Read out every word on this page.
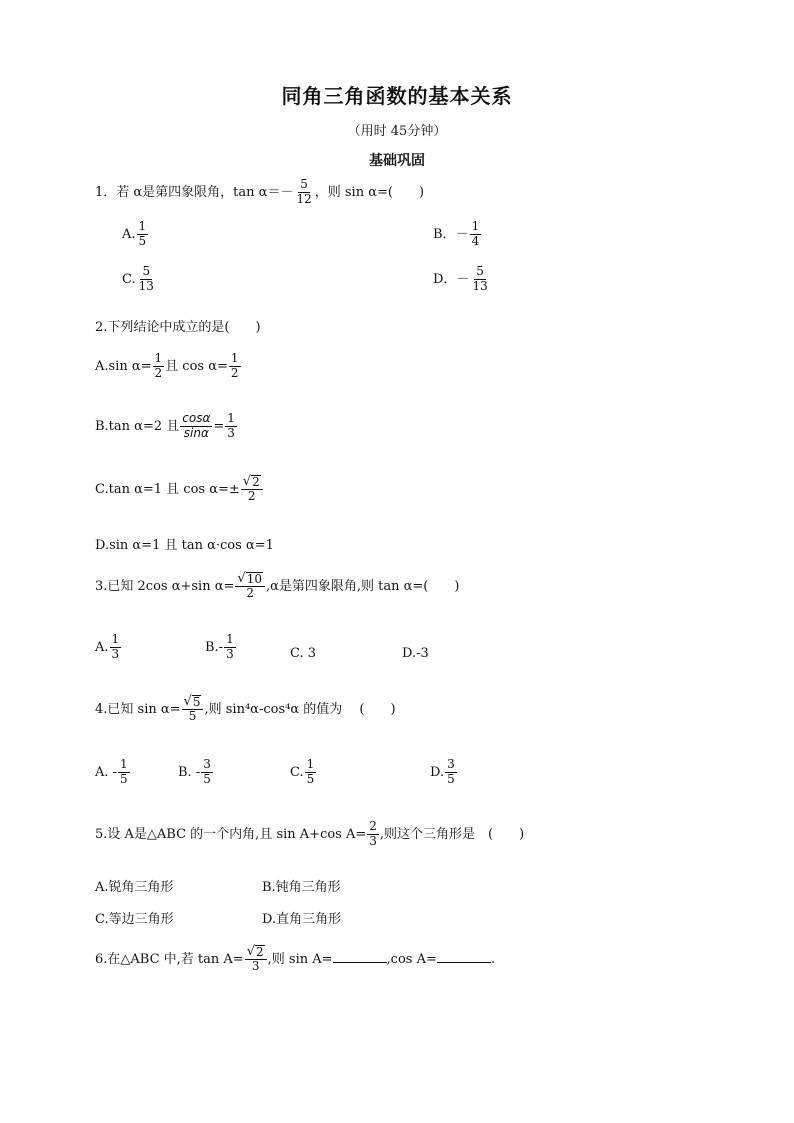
同角三角函数的基本关系
（用时 45分钟）
基础巩固
1．若 α是第四象限角，$\tan \alpha=- \frac{5}{12}$ ，则 sin α=(　　)
A. $\frac{1}{5}$	B．－ $\frac{1}{4}$
C. $\frac{5}{13}$	D．－ $\frac{5}{13}$
2.下列结论中成立的是(　　)
A.sin $\alpha= \frac{1}{2}$ 且 $\cos \alpha= \frac{1}{2}$
B.tan α=2 且 $\frac{\cos\alpha}{\sin\alpha} = \frac{1}{3}$
C.tan α=1 且 $\cos \alpha=\pm \frac{√ 2}{2}$
D.sin α=1 且 tan α·cos α=1
3.已知 2cos α+sin $\alpha= \frac{√ 10}{2} ,\alpha$是第四象限角,则 tan α=(　　)
A. $\frac{1}{3}$	$B.- \frac{1}{3}$	C. 3	D.-3
4.已知 $\sin \alpha= \frac{√ 5}{5}$ ,则 sin⁴α-cos⁴α 的值为　 (　　)
A. - $\frac{1}{5}$	B. - $\frac{3}{5}$	C. $\frac{1}{5}$	D. $\frac{3}{5}$
5.设 A是△ABC 的一个内角,且 sin A+cos $A= \frac{2}{3}$ ,则这个三角形是　(　　)
A.锐角三角形	B.钝角三角形
C.等边三角形	D.直角三角形
6.在△ABC 中,若 $\tan A= \frac{√ 2}{3}$ ,则 sin A=	,cos A=	.
